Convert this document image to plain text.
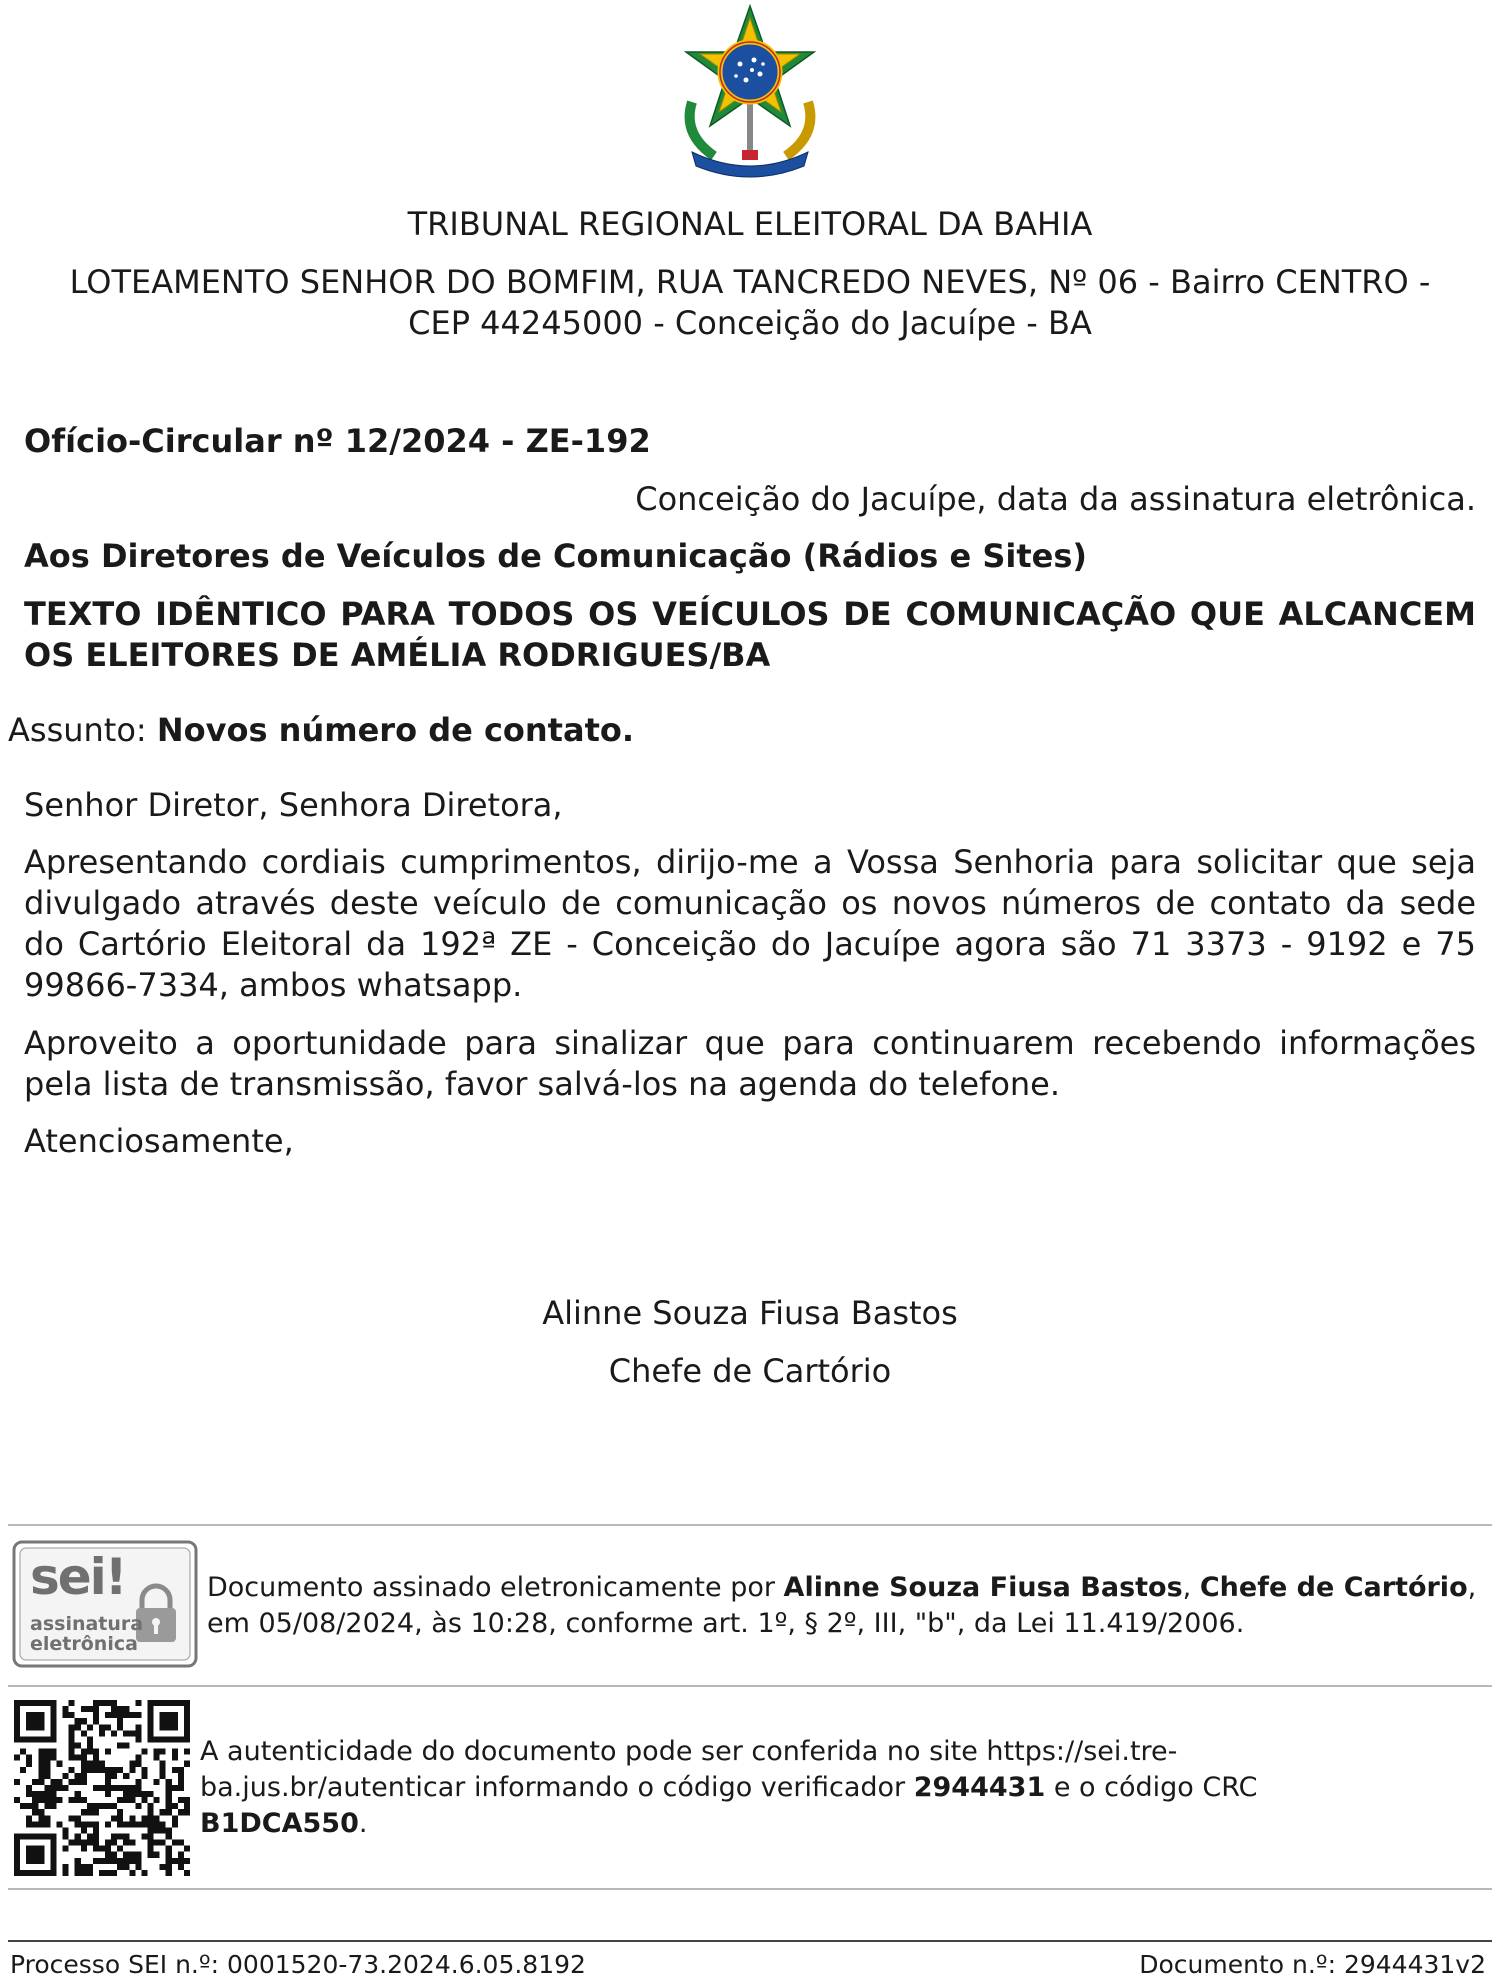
TRIBUNAL REGIONAL ELEITORAL DA BAHIA
LOTEAMENTO SENHOR DO BOMFIM, RUA TANCREDO NEVES, Nº 06 - Bairro CENTRO -
CEP 44245000 - Conceição do Jacuípe - BA
Ofício-Circular nº 12/2024 - ZE-192
Conceição do Jacuípe, data da assinatura eletrônica.
Aos Diretores de Veículos de Comunicação (Rádios e Sites)
TEXTO IDÊNTICO PARA TODOS OS VEÍCULOS DE COMUNICAÇÃO QUE ALCANCEM OS ELEITORES DE AMÉLIA RODRIGUES/BA
Assunto: Novos número de contato.
Senhor Diretor, Senhora Diretora,
Apresentando cordiais cumprimentos, dirijo-me a Vossa Senhoria para solicitar que seja divulgado através deste veículo de comunicação os novos números de contato da sede do Cartório Eleitoral da 192ª ZE - Conceição do Jacuípe agora são 71 3373 - 9192 e 75 99866-7334, ambos whatsapp.
Aproveito a oportunidade para sinalizar que para continuarem recebendo informações pela lista de transmissão, favor salvá-los na agenda do telefone.
Atenciosamente,
Alinne Souza Fiusa Bastos
Chefe de Cartório
sei!
assinatura
eletrônica
Documento assinado eletronicamente por Alinne Souza Fiusa Bastos, Chefe de Cartório, em 05/08/2024, às 10:28, conforme art. 1º, § 2º, III, "b", da Lei 11.419/2006.
A autenticidade do documento pode ser conferida no site https://sei.tre-ba.jus.br/autenticar informando o código verificador 2944431 e o código CRC B1DCA550.
Processo SEI n.º: 0001520-73.2024.6.05.8192	Documento n.º: 2944431v2
